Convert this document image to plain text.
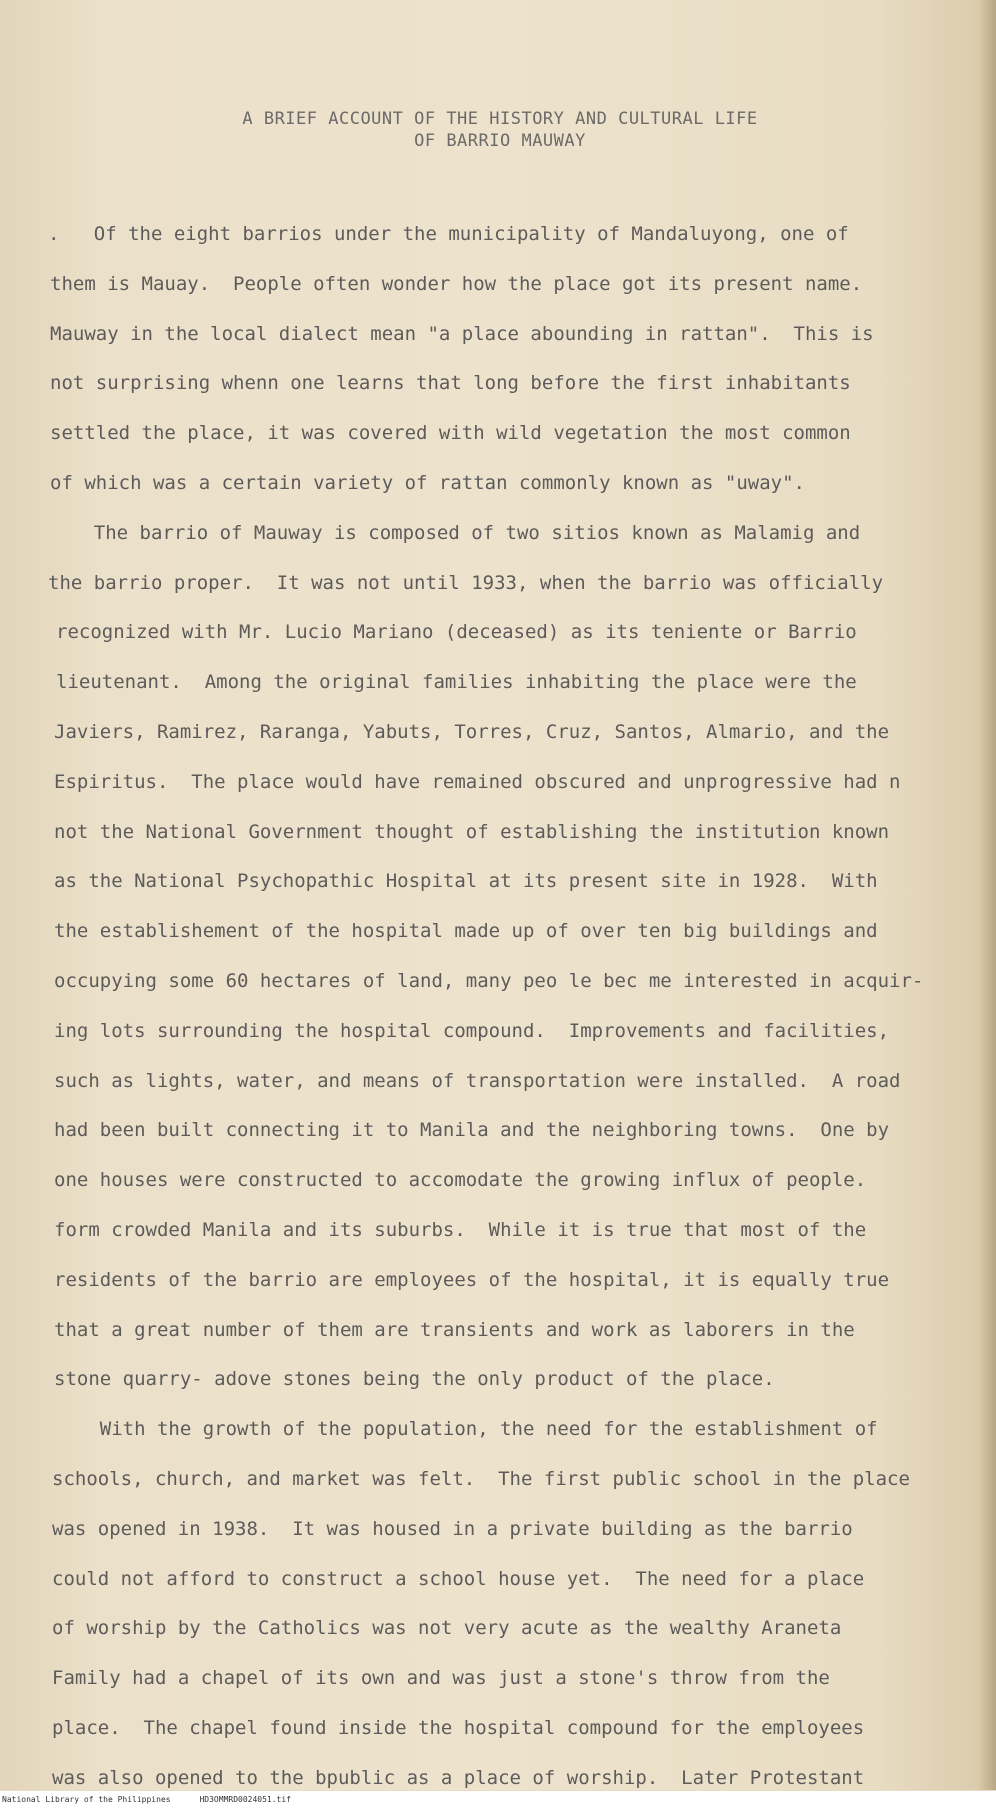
A BRIEF ACCOUNT OF THE HISTORY AND CULTURAL LIFE
OF BARRIO MAUWAY
.   Of the eight barrios under the municipality of Mandaluyong, one of
them is Mauay.  People often wonder how the place got its present name.
Mauway in the local dialect mean "a place abounding in rattan".  This is
not surprising whenn one learns that long before the first inhabitants
settled the place, it was covered with wild vegetation the most common
of which was a certain variety of rattan commonly known as "uway".
The barrio of Mauway is composed of two sitios known as Malamig and
the barrio proper.  It was not until 1933, when the barrio was officially
recognized with Mr. Lucio Mariano (deceased) as its teniente or Barrio
lieutenant.  Among the original families inhabiting the place were the
Javiers, Ramirez, Raranga, Yabuts, Torres, Cruz, Santos, Almario, and the
Espiritus.  The place would have remained obscured and unprogressive had n
not the National Government thought of establishing the institution known
as the National Psychopathic Hospital at its present site in 1928.  With
the establishement of the hospital made up of over ten big buildings and
occupying some 60 hectares of land, many peo le bec me interested in acquir-
ing lots surrounding the hospital compound.  Improvements and facilities,
such as lights, water, and means of transportation were installed.  A road
had been built connecting it to Manila and the neighboring towns.  One by
one houses were constructed to accomodate the growing influx of people.
form crowded Manila and its suburbs.  While it is true that most of the
residents of the barrio are employees of the hospital, it is equally true
that a great number of them are transients and work as laborers in the
stone quarry- adove stones being the only product of the place.
With the growth of the population, the need for the establishment of
schools, church, and market was felt.  The first public school in the place
was opened in 1938.  It was housed in a private building as the barrio
could not afford to construct a school house yet.  The need for a place
of worship by the Catholics was not very acute as the wealthy Araneta
Family had a chapel of its own and was just a stone's throw from the
place.  The chapel found inside the hospital compound for the employees
was also opened to the bpublic as a place of worship.  Later Protestant
National Library of the Philippines	HD3OMMRD0024051.tif
